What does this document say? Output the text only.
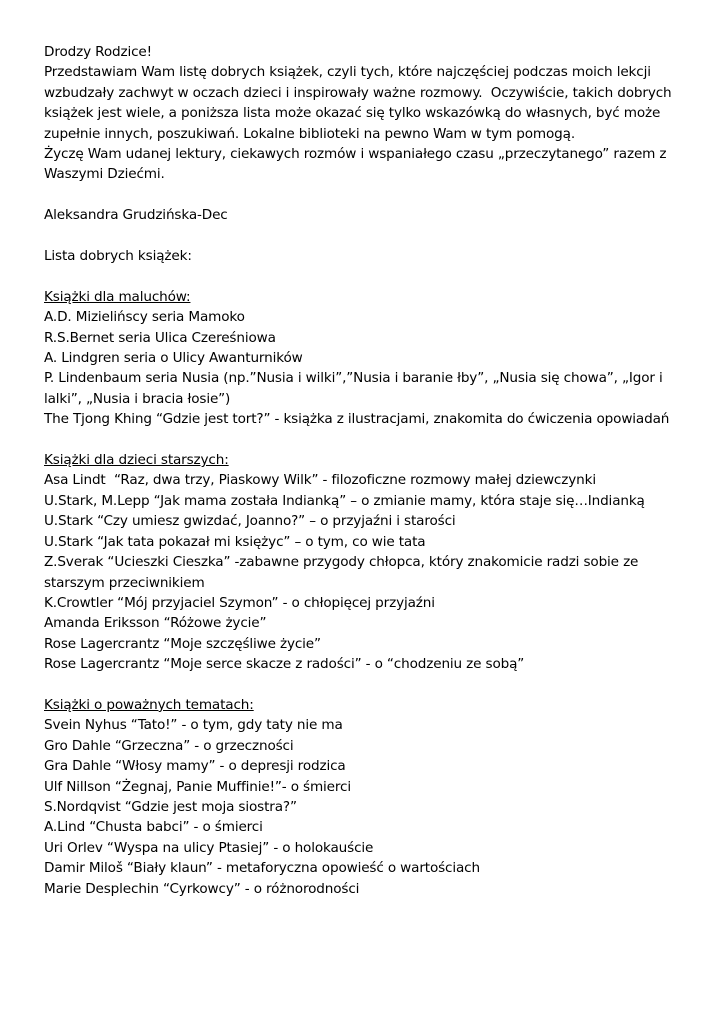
Drodzy Rodzice!
Przedstawiam Wam listę dobrych książek, czyli tych, które najczęściej podczas moich lekcji wzbudzały zachwyt w oczach dzieci i inspirowały ważne rozmowy.  Oczywiście, takich dobrych książek jest wiele, a poniższa lista może okazać się tylko wskazówką do własnych, być może zupełnie innych, poszukiwań. Lokalne biblioteki na pewno Wam w tym pomogą.
Życzę Wam udanej lektury, ciekawych rozmów i wspaniałego czasu „przeczytanego” razem z Waszymi Dziećmi.
Aleksandra Grudzińska-Dec
Lista dobrych książek:
Książki dla maluchów:
A.D. Mizielińscy seria Mamoko
R.S.Bernet seria Ulica Czereśniowa
A. Lindgren seria o Ulicy Awanturników
P. Lindenbaum seria Nusia (np.”Nusia i wilki”,”Nusia i baranie łby”, „Nusia się chowa”, „Igor i lalki”, „Nusia i bracia łosie”)
The Tjong Khing “Gdzie jest tort?” - książka z ilustracjami, znakomita do ćwiczenia opowiadań
Książki dla dzieci starszych:
Asa Lindt  “Raz, dwa trzy, Piaskowy Wilk” - filozoficzne rozmowy małej dziewczynki
U.Stark, M.Lepp “Jak mama została Indianką” – o zmianie mamy, która staje się…Indianką
U.Stark “Czy umiesz gwizdać, Joanno?” – o przyjaźni i starości
U.Stark “Jak tata pokazał mi księżyc” – o tym, co wie tata
Z.Sverak “Ucieszki Cieszka” -zabawne przygody chłopca, który znakomicie radzi sobie ze starszym przeciwnikiem
K.Crowtler “Mój przyjaciel Szymon” - o chłopięcej przyjaźni
Amanda Eriksson “Różowe życie”
Rose Lagercrantz “Moje szczęśliwe życie”
Rose Lagercrantz “Moje serce skacze z radości” - o “chodzeniu ze sobą”
Książki o poważnych tematach:
Svein Nyhus “Tato!” - o tym, gdy taty nie ma
Gro Dahle “Grzeczna” - o grzeczności
Gra Dahle “Włosy mamy” - o depresji rodzica
Ulf Nillson “Żegnaj, Panie Muffinie!”- o śmierci
S.Nordqvist “Gdzie jest moja siostra?”
A.Lind “Chusta babci” - o śmierci
Uri Orlev “Wyspa na ulicy Ptasiej” - o holokauście
Damir Miloš “Biały klaun” - metaforyczna opowieść o wartościach
Marie Desplechin “Cyrkowcy” - o różnorodności
